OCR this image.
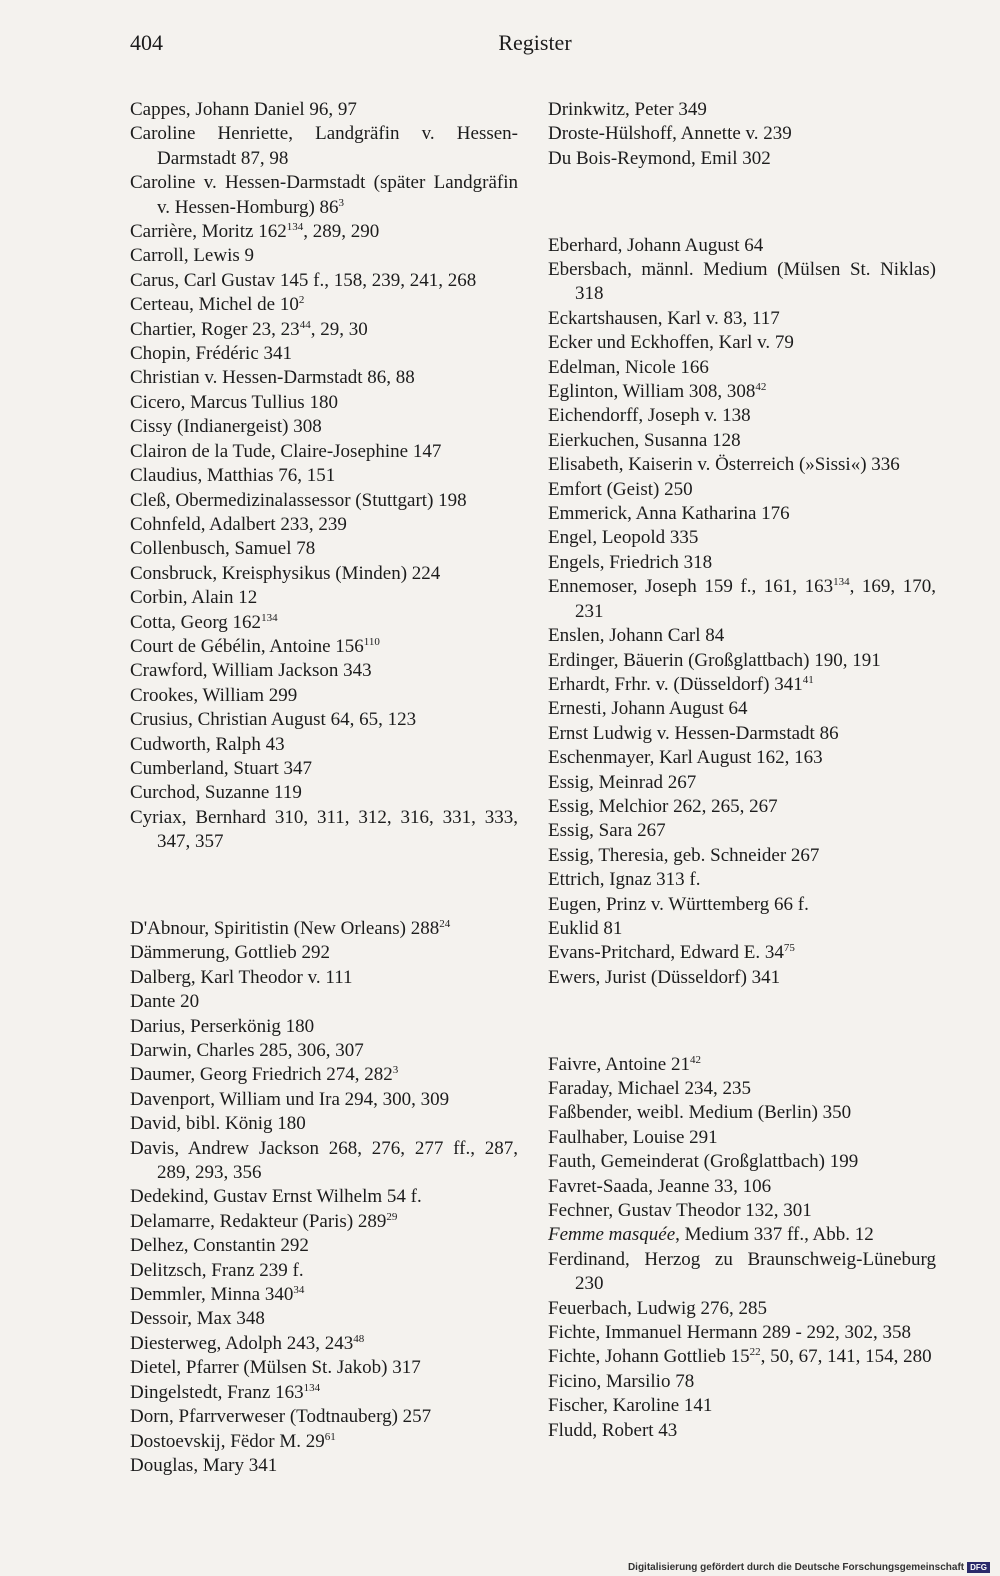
404	Register

Cappes, Johann Daniel 96, 97

Caroline Henriette, Landgräfin v. Hessen-Darmstadt 87, 98

Caroline v. Hessen-Darmstadt (später Landgräfin v. Hessen-Homburg) $86^3$

Carrière, Moritz $162^{134}$, 289, 290

Carroll, Lewis 9

Carus, Carl Gustav 145 f., 158, 239, 241, 268

Certeau, Michel de $10^2$

Chartier, Roger 23, $23^{44}$, 29, 30

Chopin, Frédéric 341

Christian v. Hessen-Darmstadt 86, 88

Cicero, Marcus Tullius 180

Cissy (Indianergeist) 308

Clairon de la Tude, Claire-Josephine 147

Claudius, Matthias 76, 151

Cleß, Obermedizinalassessor (Stuttgart) 198

Cohnfeld, Adalbert 233, 239

Collenbusch, Samuel 78

Consbruck, Kreisphysikus (Minden) 224

Corbin, Alain 12

Cotta, Georg $162^{134}$

Court de Gébélin, Antoine $156^{110}$

Crawford, William Jackson 343

Crookes, William 299

Crusius, Christian August 64, 65, 123

Cudworth, Ralph 43

Cumberland, Stuart 347

Curchod, Suzanne 119

Cyriax, Bernhard 310, 311, 312, 316, 331, 333, 347, 357

D'Abnour, Spiritistin (New Orleans) $288^{24}$

Dämmerung, Gottlieb 292

Dalberg, Karl Theodor v. 111

Dante 20

Darius, Perserkönig 180

Darwin, Charles 285, 306, 307

Daumer, Georg Friedrich 274, $282^3$

Davenport, William und Ira 294, 300, 309

David, bibl. König 180

Davis, Andrew Jackson 268, 276, 277 ff., 287, 289, 293, 356

Dedekind, Gustav Ernst Wilhelm 54 f.

Delamarre, Redakteur (Paris) $289^{29}$

Delhez, Constantin 292

Delitzsch, Franz 239 f.

Demmler, Minna $340^{34}$

Dessoir, Max 348

Diesterweg, Adolph 243, $243^{48}$

Dietel, Pfarrer (Mülsen St. Jakob) 317

Dingelstedt, Franz $163^{134}$

Dorn, Pfarrverweser (Todtnauberg) 257

Dostoevskij, Fëdor M. $29^{61}$

Douglas, Mary 341

Drinkwitz, Peter 349

Droste-Hülshoff, Annette v. 239

Du Bois-Reymond, Emil 302

Eberhard, Johann August 64

Ebersbach, männl. Medium (Mülsen St. Niklas) 318

Eckartshausen, Karl v. 83, 117

Ecker und Eckhoffen, Karl v. 79

Edelman, Nicole 166

Eglinton, William 308, $308^{42}$

Eichendorff, Joseph v. 138

Eierkuchen, Susanna 128

Elisabeth, Kaiserin v. Österreich (»Sissi«) 336

Emfort (Geist) 250

Emmerick, Anna Katharina 176

Engel, Leopold 335

Engels, Friedrich 318

Ennemoser, Joseph 159 f., 161, $163^{134}$, 169, 170, 231

Enslen, Johann Carl 84

Erdinger, Bäuerin (Großglattbach) 190, 191

Erhardt, Frhr. v. (Düsseldorf) $341^{41}$

Ernesti, Johann August 64

Ernst Ludwig v. Hessen-Darmstadt 86

Eschenmayer, Karl August 162, 163

Essig, Meinrad 267

Essig, Melchior 262, 265, 267

Essig, Sara 267

Essig, Theresia, geb. Schneider 267

Ettrich, Ignaz 313 f.

Eugen, Prinz v. Württemberg 66 f.

Euklid 81

Evans-Pritchard, Edward E. $34^{75}$

Ewers, Jurist (Düsseldorf) 341

Faivre, Antoine $21^{42}$

Faraday, Michael 234, 235

Faßbender, weibl. Medium (Berlin) 350

Faulhaber, Louise 291

Fauth, Gemeinderat (Großglattbach) 199

Favret-Saada, Jeanne 33, 106

Fechner, Gustav Theodor 132, 301

Femme masquée, Medium 337 ff., Abb. 12

Ferdinand, Herzog zu Braunschweig-Lüneburg 230

Feuerbach, Ludwig 276, 285

Fichte, Immanuel Hermann 289 - 292, 302, 358

Fichte, Johann Gottlieb $15^{22}$, 50, 67, 141, 154, 280

Ficino, Marsilio 78

Fischer, Karoline 141

Fludd, Robert 43

Digitalisierung gefördert durch die Deutsche Forschungsgemeinschaft DFG
